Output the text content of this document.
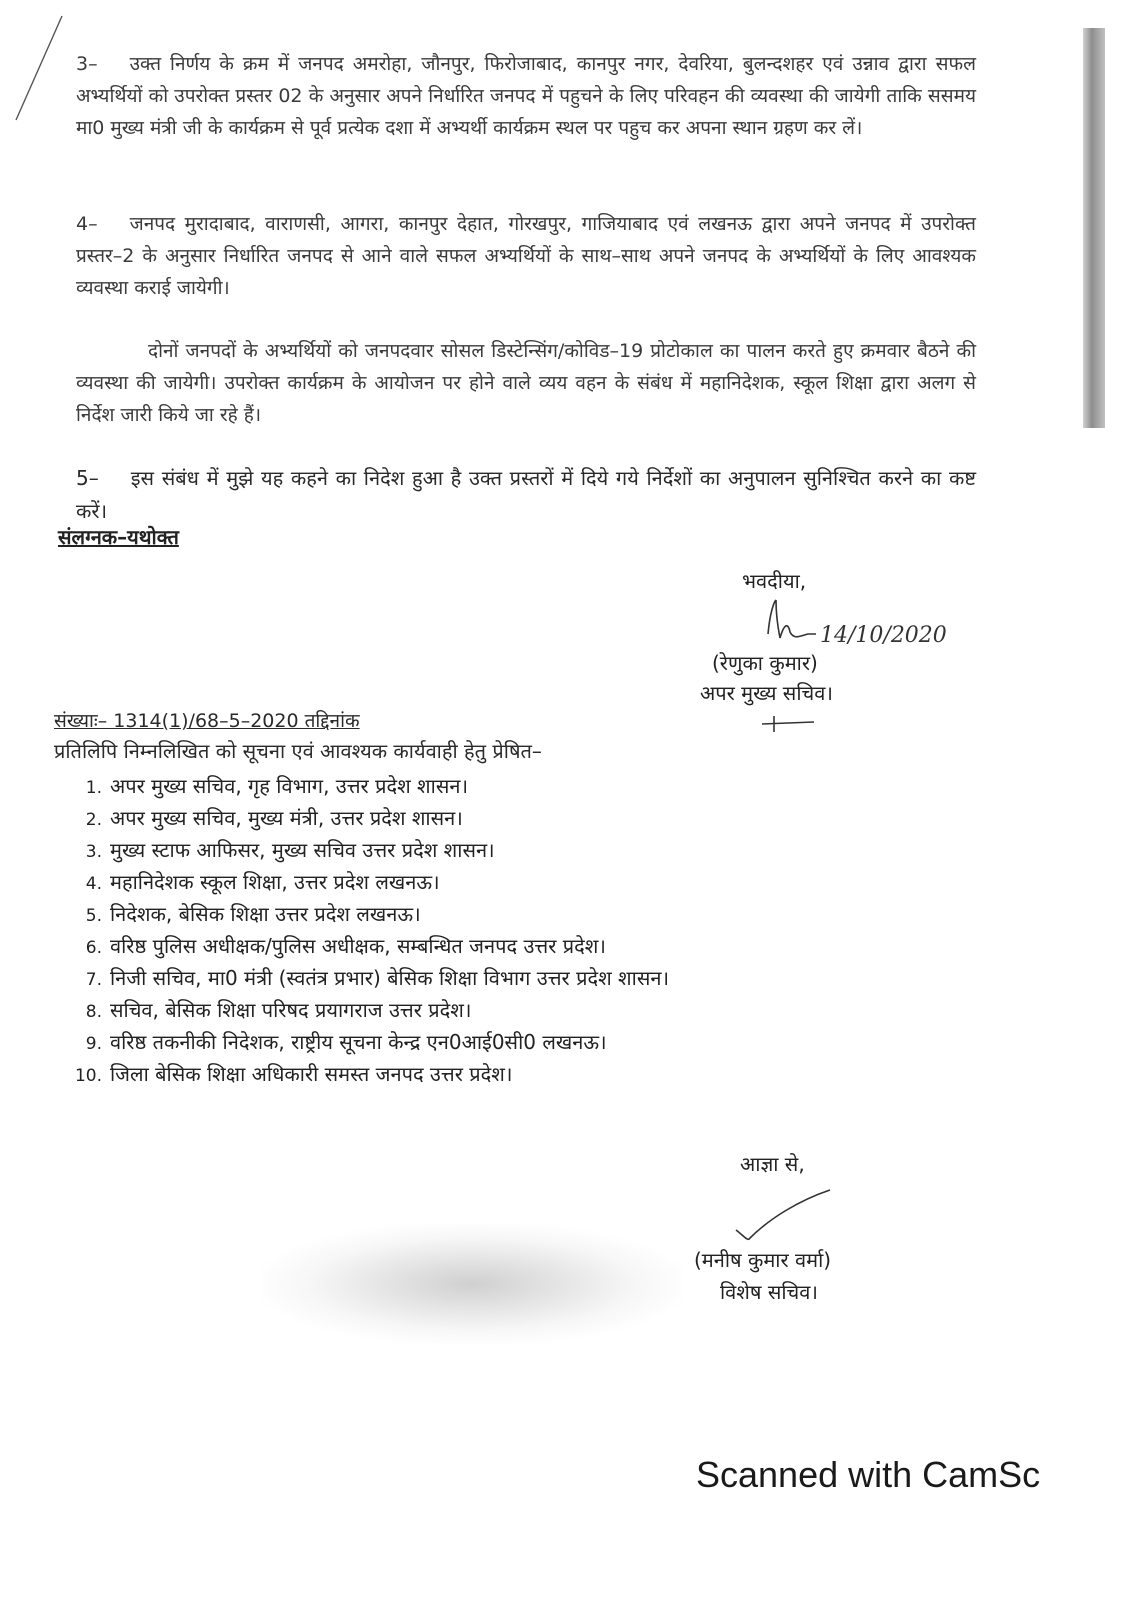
3– उक्त निर्णय के क्रम में जनपद अमरोहा, जौनपुर, फिरोजाबाद, कानपुर नगर, देवरिया, बुलन्दशहर एवं उन्नाव द्वारा सफल अभ्यर्थियों को उपरोक्त प्रस्तर 02 के अनुसार अपने निर्धारित जनपद में पहुचने के लिए परिवहन की व्यवस्था की जायेगी ताकि ससमय मा0 मुख्य मंत्री जी के कार्यक्रम से पूर्व प्रत्येक दशा में अभ्यर्थी कार्यक्रम स्थल पर पहुच कर अपना स्थान ग्रहण कर लें।
4– जनपद मुरादाबाद, वाराणसी, आगरा, कानपुर देहात, गोरखपुर, गाजियाबाद एवं लखनऊ द्वारा अपने जनपद में उपरोक्त प्रस्तर–2 के अनुसार निर्धारित जनपद से आने वाले सफल अभ्यर्थियों के साथ–साथ अपने जनपद के अभ्यर्थियों के लिए आवश्यक व्यवस्था कराई जायेगी।
दोनों जनपदों के अभ्यर्थियों को जनपदवार सोसल डिस्टेन्सिंग/कोविड–19 प्रोटोकाल का पालन करते हुए क्रमवार बैठने की व्यवस्था की जायेगी। उपरोक्त कार्यक्रम के आयोजन पर होने वाले व्यय वहन के संबंध में महानिदेशक, स्कूल शिक्षा द्वारा अलग से निर्देश जारी किये जा रहे हैं।
5– इस संबंध में मुझे यह कहने का निदेश हुआ है उक्त प्रस्तरों में दिये गये निर्देशों का अनुपालन सुनिश्चित करने का कष्ट करें।
संलग्नक–यथोक्त
भवदीया,
14/10/2020
(रेणुका कुमार)
अपर मुख्य सचिव।
संख्याः– 1314(1)/68–5–2020 तद्दिनांक
प्रतिलिपि निम्नलिखित को सूचना एवं आवश्यक कार्यवाही हेतु प्रेषित–
1. अपर मुख्य सचिव, गृह विभाग, उत्तर प्रदेश शासन।
2. अपर मुख्य सचिव, मुख्य मंत्री, उत्तर प्रदेश शासन।
3. मुख्य स्टाफ आफिसर, मुख्य सचिव उत्तर प्रदेश शासन।
4. महानिदेशक स्कूल शिक्षा, उत्तर प्रदेश लखनऊ।
5. निदेशक, बेसिक शिक्षा उत्तर प्रदेश लखनऊ।
6. वरिष्ठ पुलिस अधीक्षक/पुलिस अधीक्षक, सम्बन्धित जनपद उत्तर प्रदेश।
7. निजी सचिव, मा0 मंत्री (स्वतंत्र प्रभार) बेसिक शिक्षा विभाग उत्तर प्रदेश शासन।
8. सचिव, बेसिक शिक्षा परिषद प्रयागराज उत्तर प्रदेश।
9. वरिष्ठ तकनीकी निदेशक, राष्ट्रीय सूचना केन्द्र एन0आई0सी0 लखनऊ।
10. जिला बेसिक शिक्षा अधिकारी समस्त जनपद उत्तर प्रदेश।
आज्ञा से,
(मनीष कुमार वर्मा)
विशेष सचिव।
Scanned with CamSc
